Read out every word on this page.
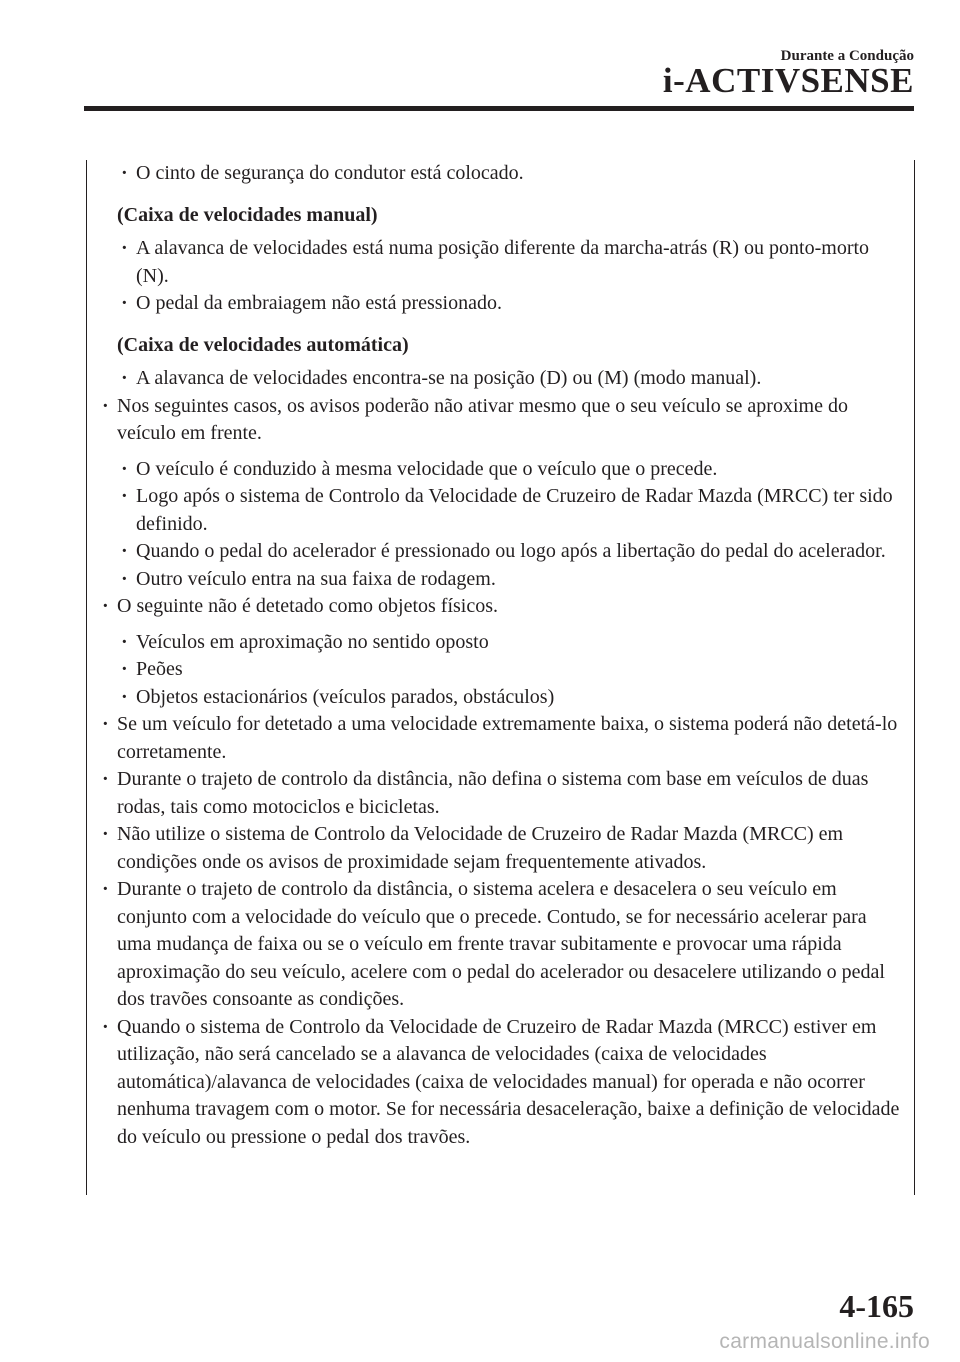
Durante a Condução
i-ACTIVSENSE

· O cinto de segurança do condutor está colocado.

(Caixa de velocidades manual)

· A alavanca de velocidades está numa posição diferente da marcha-atrás (R) ou ponto-morto (N).

· O pedal da embraiagem não está pressionado.

(Caixa de velocidades automática)

· A alavanca de velocidades encontra-se na posição (D) ou (M) (modo manual).

· Nos seguintes casos, os avisos poderão não ativar mesmo que o seu veículo se aproxime do veículo em frente.

· O veículo é conduzido à mesma velocidade que o veículo que o precede.

· Logo após o sistema de Controlo da Velocidade de Cruzeiro de Radar Mazda (MRCC) ter sido definido.

· Quando o pedal do acelerador é pressionado ou logo após a libertação do pedal do acelerador.

· Outro veículo entra na sua faixa de rodagem.

· O seguinte não é detetado como objetos físicos.

· Veículos em aproximação no sentido oposto

· Peões

· Objetos estacionários (veículos parados, obstáculos)

· Se um veículo for detetado a uma velocidade extremamente baixa, o sistema poderá não detetá-lo corretamente.

· Durante o trajeto de controlo da distância, não defina o sistema com base em veículos de duas rodas, tais como motociclos e bicicletas.

· Não utilize o sistema de Controlo da Velocidade de Cruzeiro de Radar Mazda (MRCC) em condições onde os avisos de proximidade sejam frequentemente ativados.

· Durante o trajeto de controlo da distância, o sistema acelera e desacelera o seu veículo em conjunto com a velocidade do veículo que o precede. Contudo, se for necessário acelerar para uma mudança de faixa ou se o veículo em frente travar subitamente e provocar uma rápida aproximação do seu veículo, acelere com o pedal do acelerador ou desacelere utilizando o pedal dos travões consoante as condições.

· Quando o sistema de Controlo da Velocidade de Cruzeiro de Radar Mazda (MRCC) estiver em utilização, não será cancelado se a alavanca de velocidades (caixa de velocidades automática)/alavanca de velocidades (caixa de velocidades manual) for operada e não ocorrer nenhuma travagem com o motor. Se for necessária desaceleração, baixe a definição de velocidade do veículo ou pressione o pedal dos travões.

4-165
carmanualsonline.info
